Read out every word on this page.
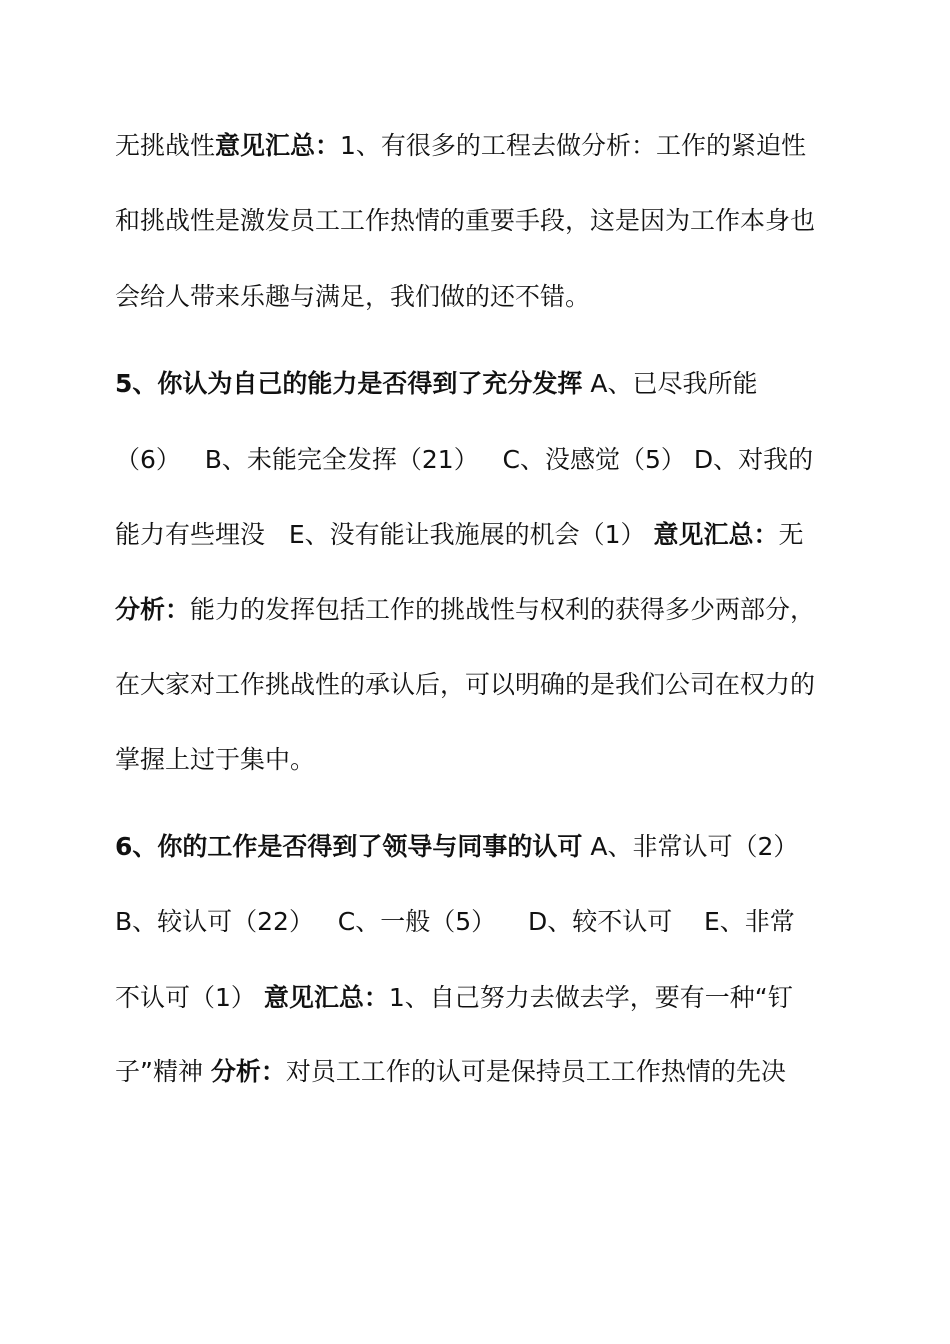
无挑战性意见汇总：1、有很多的工程去做分析：工作的紧迫性
和挑战性是激发员工工作热情的重要手段，这是因为工作本身也
会给人带来乐趣与满足，我们做的还不错。
5、你认为自己的能力是否得到了充分发挥 A、已尽我所能
（6）   B、未能完全发挥（21）   C、没感觉（5） D、对我的
能力有些埋没   E、没有能让我施展的机会（1） 意见汇总：无
分析：能力的发挥包括工作的挑战性与权利的获得多少两部分，
在大家对工作挑战性的承认后，可以明确的是我们公司在权力的
掌握上过于集中。
6、你的工作是否得到了领导与同事的认可 A、非常认可（2）
B、较认可（22）   C、一般（5）    D、较不认可    E、非常
不认可（1） 意见汇总：1、自己努力去做去学，要有一种“钉
子”精神 分析：对员工工作的认可是保持员工工作热情的先决
